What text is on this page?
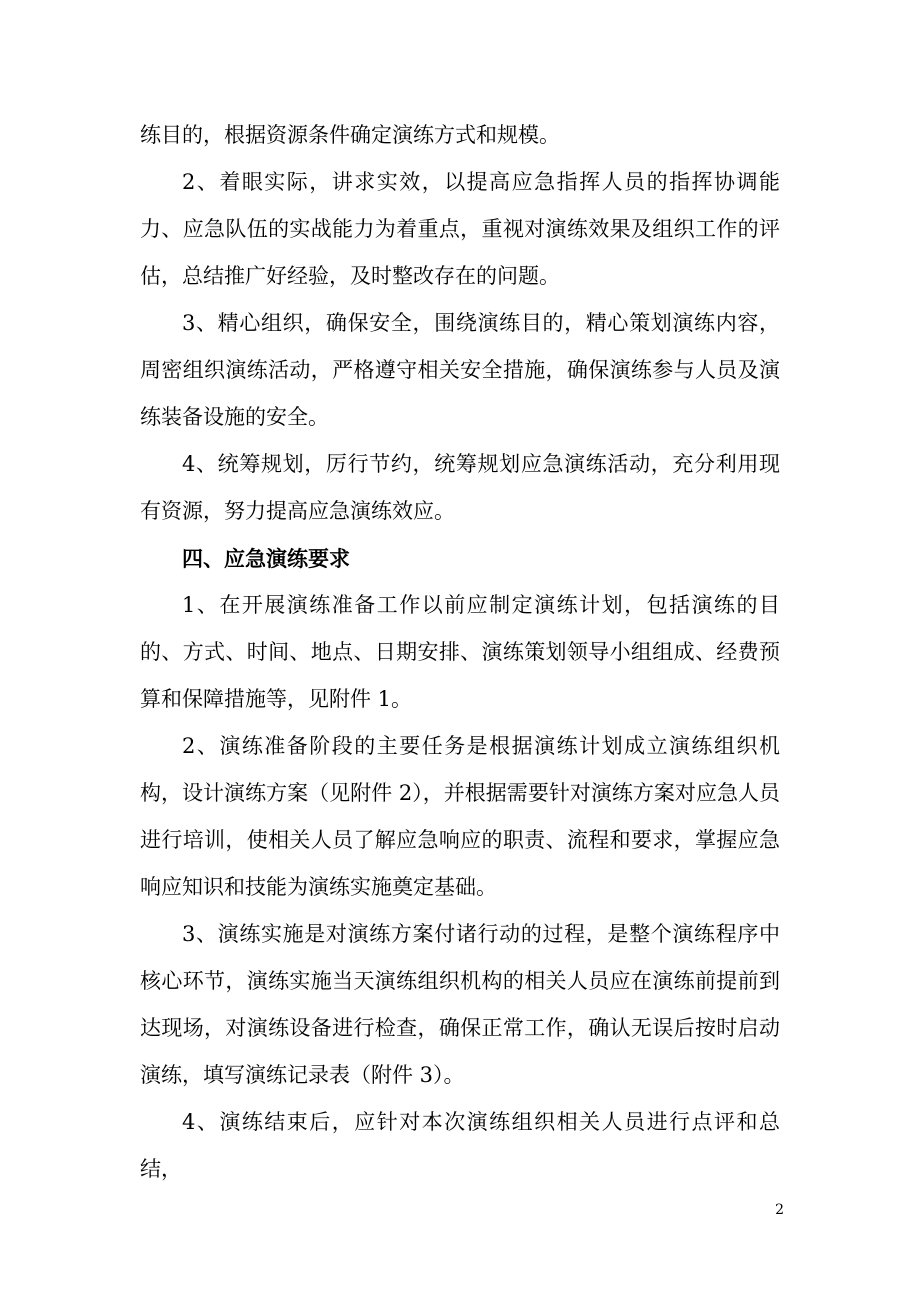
练目的，根据资源条件确定演练方式和规模。

2、着眼实际，讲求实效，以提高应急指挥人员的指挥协调能力、应急队伍的实战能力为着重点，重视对演练效果及组织工作的评估，总结推广好经验，及时整改存在的问题。

3、精心组织，确保安全，围绕演练目的，精心策划演练内容，周密组织演练活动，严格遵守相关安全措施，确保演练参与人员及演练装备设施的安全。

4、统筹规划，厉行节约，统筹规划应急演练活动，充分利用现有资源，努力提高应急演练效应。

四、应急演练要求

1、在开展演练准备工作以前应制定演练计划，包括演练的目的、方式、时间、地点、日期安排、演练策划领导小组组成、经费预算和保障措施等，见附件 1。

2、演练准备阶段的主要任务是根据演练计划成立演练组织机构，设计演练方案（见附件 2），并根据需要针对演练方案对应急人员进行培训，使相关人员了解应急响应的职责、流程和要求，掌握应急响应知识和技能为演练实施奠定基础。

3、演练实施是对演练方案付诸行动的过程，是整个演练程序中核心环节，演练实施当天演练组织机构的相关人员应在演练前提前到达现场，对演练设备进行检查，确保正常工作，确认无误后按时启动演练，填写演练记录表（附件 3）。

4、演练结束后，应针对本次演练组织相关人员进行点评和总结，

2
